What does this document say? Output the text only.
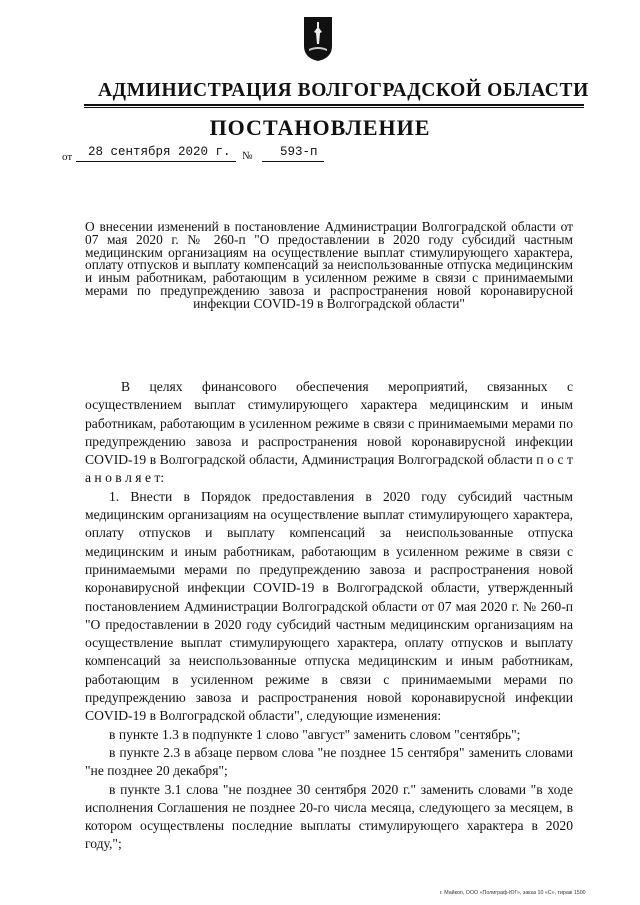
АДМИНИСТРАЦИЯ ВОЛГОГРАДСКОЙ ОБЛАСТИ
ПОСТАНОВЛЕНИЕ
от 28 сентября 2020 г. № 593-п
О внесении изменений в постановление Администрации Волгоградской области от 07 мая 2020 г. № 260-п "О предоставлении в 2020 году субсидий частным медицинским организациям на осуществление выплат стимулирующего характера, оплату отпусков и выплату компенсаций за неиспользованные отпуска медицинским и иным работникам, работающим в усиленном режиме в связи с принимаемыми мерами по предупреждению завоза и распространения новой коронавирусной инфекции COVID-19 в Волгоградской области"

В целях финансового обеспечения мероприятий, связанных с осуществлением выплат стимулирующего характера медицинским и иным работникам, работающим в усиленном режиме в связи с принимаемыми мерами по предупреждению завоза и распространения новой коронавирусной инфекции COVID-19 в Волгоградской области, Администрация Волгоградской области п о с т а н о в л я е т:

1. Внести в Порядок предоставления в 2020 году субсидий частным медицинским организациям на осуществление выплат стимулирующего характера, оплату отпусков и выплату компенсаций за неиспользованные отпуска медицинским и иным работникам, работающим в усиленном режиме в связи с принимаемыми мерами по предупреждению завоза и распространения новой коронавирусной инфекции COVID-19 в Волгоградской области, утвержденный постановлением Администрации Волгоградской области от 07 мая 2020 г. № 260-п "О предоставлении в 2020 году субсидий частным медицинским организациям на осуществление выплат стимулирующего характера, оплату отпусков и выплату компенсаций за неиспользованные отпуска медицинским и иным работникам, работающим в усиленном режиме в связи с принимаемыми мерами по предупреждению завоза и распространения новой коронавирусной инфекции COVID-19 в Волгоградской области", следующие изменения:

в пункте 1.3 в подпункте 1 слово "август" заменить словом "сентябрь";

в пункте 2.3 в абзаце первом слова "не позднее 15 сентября" заменить словами "не позднее 20 декабря";

в пункте 3.1 слова "не позднее 30 сентября 2020 г." заменить словами "в ходе исполнения Соглашения не позднее 20-го числа месяца, следующего за месяцем, в котором осуществлены последние выплаты стимулирующего характера в 2020 году,";

г. Майкоп, ООО «Полиграф-ЮГ», заказ 10 «С», тираж 1500
